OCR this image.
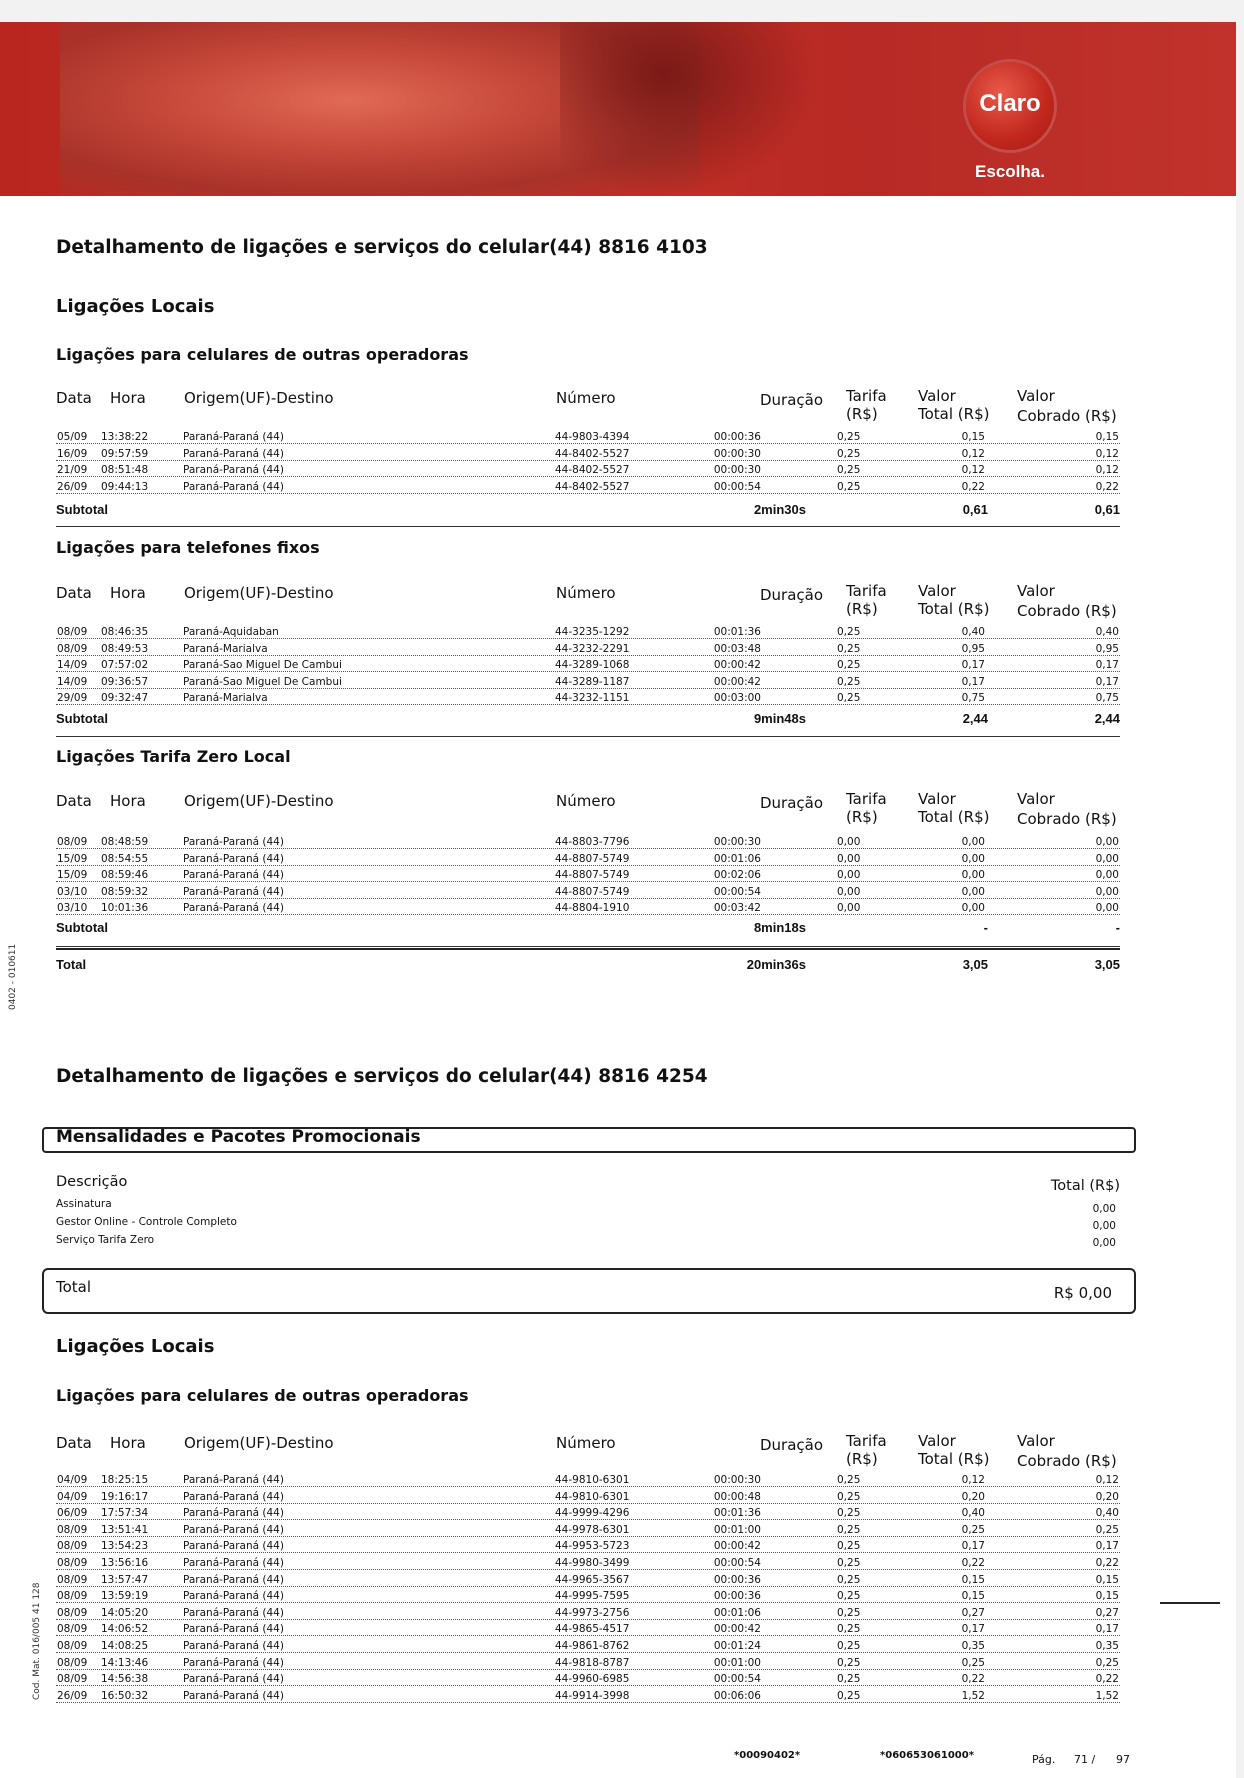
Claro
Escolha.
0402 - 010611
Cod. Mat. 016/005 41 128
Detalhamento de ligações e serviços do celular(44) 8816 4103
Ligações Locais
Ligações para celulares de outras operadoras
Data Hora	Origem(UF)-Destino	Número	Duração Tarifa
(R$)
Valor
Total (R$)
Valor
Cobrado (R$)
05/09 13:38:22	Paraná-Paraná (44)	44-9803-4394	00:00:36	0,25	0,15	0,15
16/09 09:57:59	Paraná-Paraná (44)	44-8402-5527	00:00:30	0,25	0,12	0,12
21/09 08:51:48	Paraná-Paraná (44)	44-8402-5527	00:00:30	0,25	0,12	0,12
26/09 09:44:13	Paraná-Paraná (44)	44-8402-5527	00:00:54	0,25	0,22	0,22
Subtotal	2min30s	0,61	0,61
Ligações para telefones fixos
Data Hora	Origem(UF)-Destino	Número	Duração Tarifa
(R$)
Valor
Total (R$)
Valor
Cobrado (R$)
08/09 08:46:35	Paraná-Aquidaban	44-3235-1292	00:01:36	0,25	0,40	0,40
08/09 08:49:53	Paraná-Marialva	44-3232-2291	00:03:48	0,25	0,95	0,95
14/09 07:57:02	Paraná-Sao Miguel De Cambui	44-3289-1068	00:00:42	0,25	0,17	0,17
14/09 09:36:57	Paraná-Sao Miguel De Cambui	44-3289-1187	00:00:42	0,25	0,17	0,17
29/09 09:32:47	Paraná-Marialva	44-3232-1151	00:03:00	0,25	0,75	0,75
Subtotal	9min48s	2,44	2,44
Ligações Tarifa Zero Local
Data Hora	Origem(UF)-Destino	Número	Duração Tarifa
(R$)
Valor
Total (R$)
Valor
Cobrado (R$)
08/09 08:48:59	Paraná-Paraná (44)	44-8803-7796	00:00:30	0,00	0,00	0,00
15/09 08:54:55	Paraná-Paraná (44)	44-8807-5749	00:01:06	0,00	0,00	0,00
15/09 08:59:46	Paraná-Paraná (44)	44-8807-5749	00:02:06	0,00	0,00	0,00
03/10 08:59:32	Paraná-Paraná (44)	44-8807-5749	00:00:54	0,00	0,00	0,00
03/10 10:01:36	Paraná-Paraná (44)	44-8804-1910	00:03:42	0,00	0,00	0,00
Subtotal	8min18s	-	-
Total	20min36s	3,05	3,05
Detalhamento de ligações e serviços do celular(44) 8816 4254
Mensalidades e Pacotes Promocionais
Descrição	Total (R$)
Assinatura	0,00
Gestor Online - Controle Completo	0,00
Serviço Tarifa Zero	0,00
Total	R$ 0,00
Ligações Locais
Ligações para celulares de outras operadoras
Data Hora	Origem(UF)-Destino	Número	Duração Tarifa
(R$)
Valor
Total (R$)
Valor
Cobrado (R$)
04/09 18:25:15	Paraná-Paraná (44)	44-9810-6301	00:00:30	0,25	0,12	0,12
04/09 19:16:17	Paraná-Paraná (44)	44-9810-6301	00:00:48	0,25	0,20	0,20
06/09 17:57:34	Paraná-Paraná (44)	44-9999-4296	00:01:36	0,25	0,40	0,40
08/09 13:51:41	Paraná-Paraná (44)	44-9978-6301	00:01:00	0,25	0,25	0,25
08/09 13:54:23	Paraná-Paraná (44)	44-9953-5723	00:00:42	0,25	0,17	0,17
08/09 13:56:16	Paraná-Paraná (44)	44-9980-3499	00:00:54	0,25	0,22	0,22
08/09 13:57:47	Paraná-Paraná (44)	44-9965-3567	00:00:36	0,25	0,15	0,15
08/09 13:59:19	Paraná-Paraná (44)	44-9995-7595	00:00:36	0,25	0,15	0,15
08/09 14:05:20	Paraná-Paraná (44)	44-9973-2756	00:01:06	0,25	0,27	0,27
08/09 14:06:52	Paraná-Paraná (44)	44-9865-4517	00:00:42	0,25	0,17	0,17
08/09 14:08:25	Paraná-Paraná (44)	44-9861-8762	00:01:24	0,25	0,35	0,35
08/09 14:13:46	Paraná-Paraná (44)	44-9818-8787	00:01:00	0,25	0,25	0,25
08/09 14:56:38	Paraná-Paraná (44)	44-9960-6985	00:00:54	0,25	0,22	0,22
26/09 16:50:32	Paraná-Paraná (44)	44-9914-3998	00:06:06	0,25	1,52	1,52
*00090402*	*060653061000*	Pág. 71 / 97
